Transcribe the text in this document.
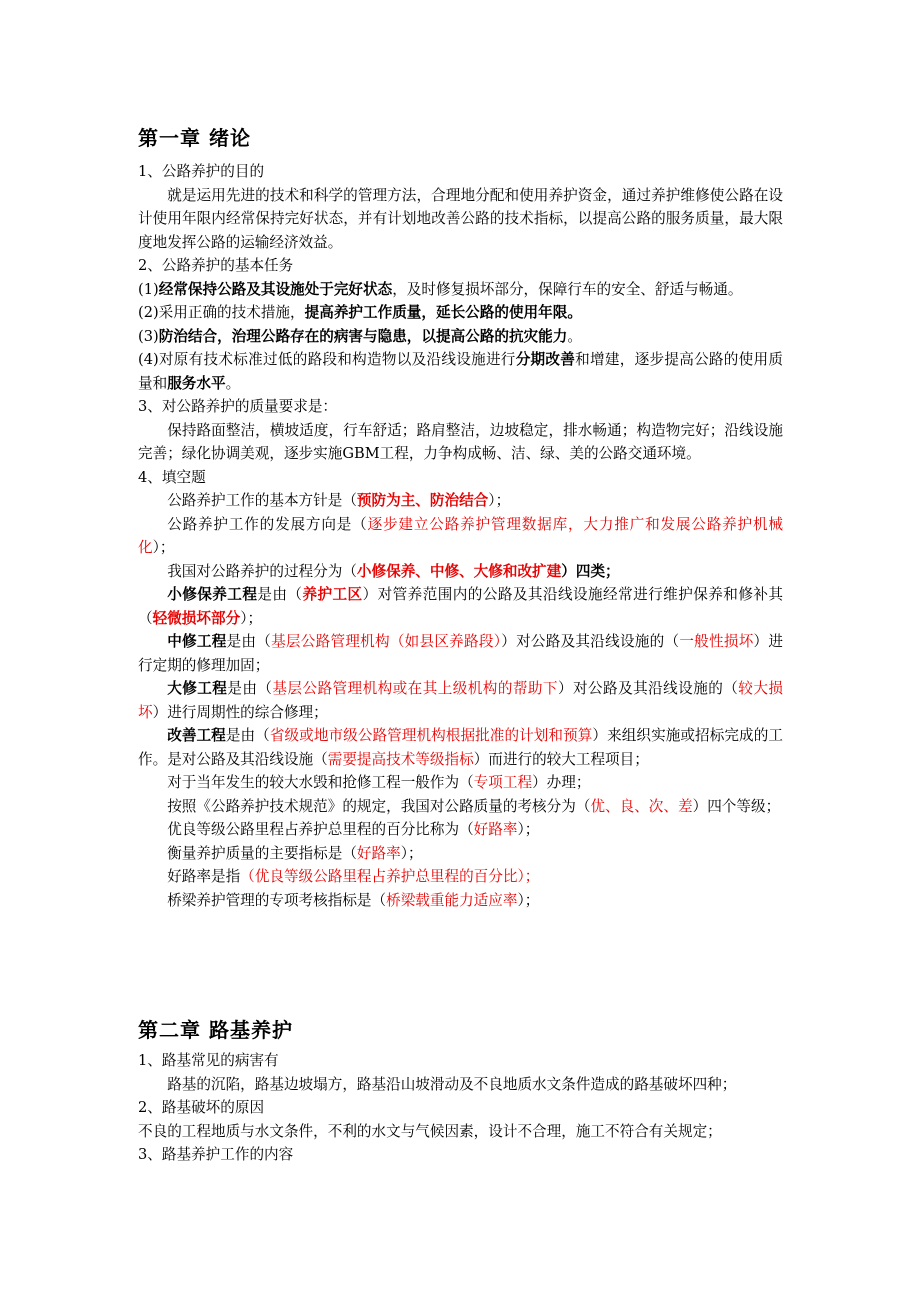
第一章 绪论

1、公路养护的目的

就是运用先进的技术和科学的管理方法，合理地分配和使用养护资金，通过养护维修使公路在设计使用年限内经常保持完好状态，并有计划地改善公路的技术指标，以提高公路的服务质量，最大限度地发挥公路的运输经济效益。

2、公路养护的基本任务

(1)经常保持公路及其设施处于完好状态，及时修复损坏部分，保障行车的安全、舒适与畅通。

(2)采用正确的技术措施，提高养护工作质量，延长公路的使用年限。

(3)防治结合，治理公路存在的病害与隐患，以提高公路的抗灾能力。

(4)对原有技术标准过低的路段和构造物以及沿线设施进行分期改善和增建，逐步提高公路的使用质量和服务水平。

3、对公路养护的质量要求是：

保持路面整洁，横坡适度，行车舒适；路肩整洁，边坡稳定，排水畅通；构造物完好；沿线设施完善；绿化协调美观，逐步实施GBM工程，力争构成畅、洁、绿、美的公路交通环境。

4、填空题

公路养护工作的基本方针是（预防为主、防治结合）；

公路养护工作的发展方向是（逐步建立公路养护管理数据库，大力推广和发展公路养护机械化）；

我国对公路养护的过程分为（小修保养、中修、大修和改扩建）四类；

小修保养工程是由（养护工区）对管养范围内的公路及其沿线设施经常进行维护保养和修补其（轻微损坏部分）；

中修工程是由（基层公路管理机构（如县区养路段））对公路及其沿线设施的（一般性损坏）进行定期的修理加固；

大修工程是由（基层公路管理机构或在其上级机构的帮助下）对公路及其沿线设施的（较大损坏）进行周期性的综合修理；

改善工程是由（省级或地市级公路管理机构根据批准的计划和预算）来组织实施或招标完成的工作。是对公路及其沿线设施（需要提高技术等级指标）而进行的较大工程项目；

对于当年发生的较大水毁和抢修工程一般作为（专项工程）办理；

按照《公路养护技术规范》的规定，我国对公路质量的考核分为（优、良、次、差）四个等级；

优良等级公路里程占养护总里程的百分比称为（好路率）；

衡量养护质量的主要指标是（好路率）；

好路率是指（优良等级公路里程占养护总里程的百分比）；

桥梁养护管理的专项考核指标是（桥梁载重能力适应率）；

第二章 路基养护

1、路基常见的病害有

路基的沉陷，路基边坡塌方，路基沿山坡滑动及不良地质水文条件造成的路基破坏四种；

2、路基破坏的原因

不良的工程地质与水文条件，不利的水文与气候因素，设计不合理，施工不符合有关规定；

3、路基养护工作的内容
